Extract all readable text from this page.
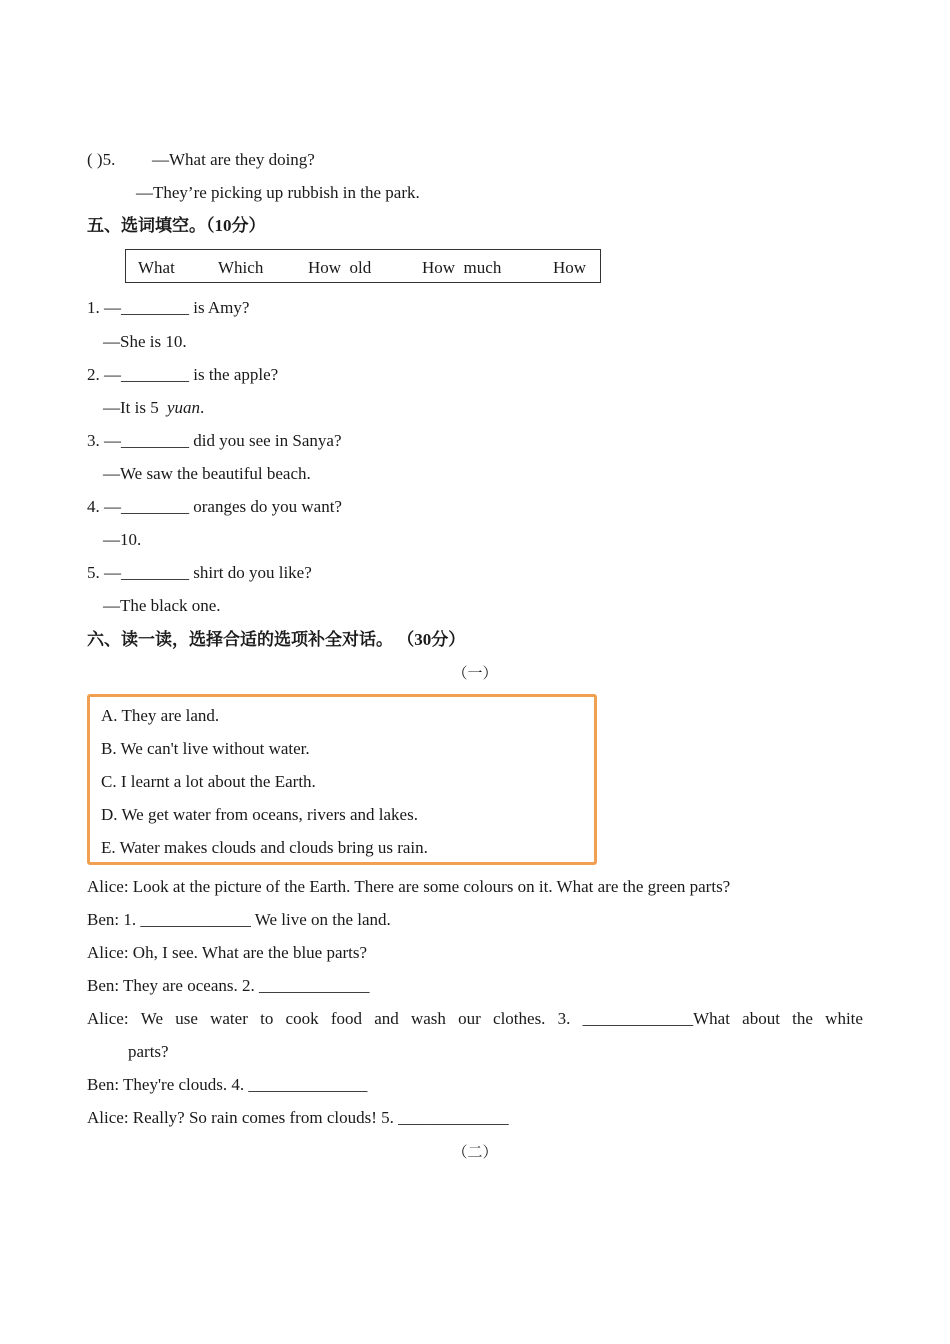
( )5. —What are they doing?
—They’re picking up rubbish in the park.
五、选词填空。（10分）
What	Which	How  old	How  much	How
1. —________ is Amy?
—She is 10.
2. —________ is the apple?
—It is 5 yuan.
3. —________ did you see in Sanya?
—We saw the beautiful beach.
4. —________ oranges do you want?
—10.
5. —________ shirt do you like?
—The black one.
六、读一读，选择合适的选项补全对话。 （30分）
（一）
A. They are land.
B. We can't live without water.
C. I learnt a lot about the Earth.
D. We get water from oceans, rivers and lakes.
E. Water makes clouds and clouds bring us rain.
Alice: Look at the picture of the Earth. There are some colours on it. What are the green parts?
Ben: 1. _____________ We live on the land.
Alice: Oh, I see. What are the blue parts?
Ben: They are oceans. 2. _____________
Alice: We use water to cook food and wash our clothes. 3. _____________What about the white
parts?
Ben: They're clouds. 4. ______________
Alice: Really? So rain comes from clouds! 5. _____________
（二）
